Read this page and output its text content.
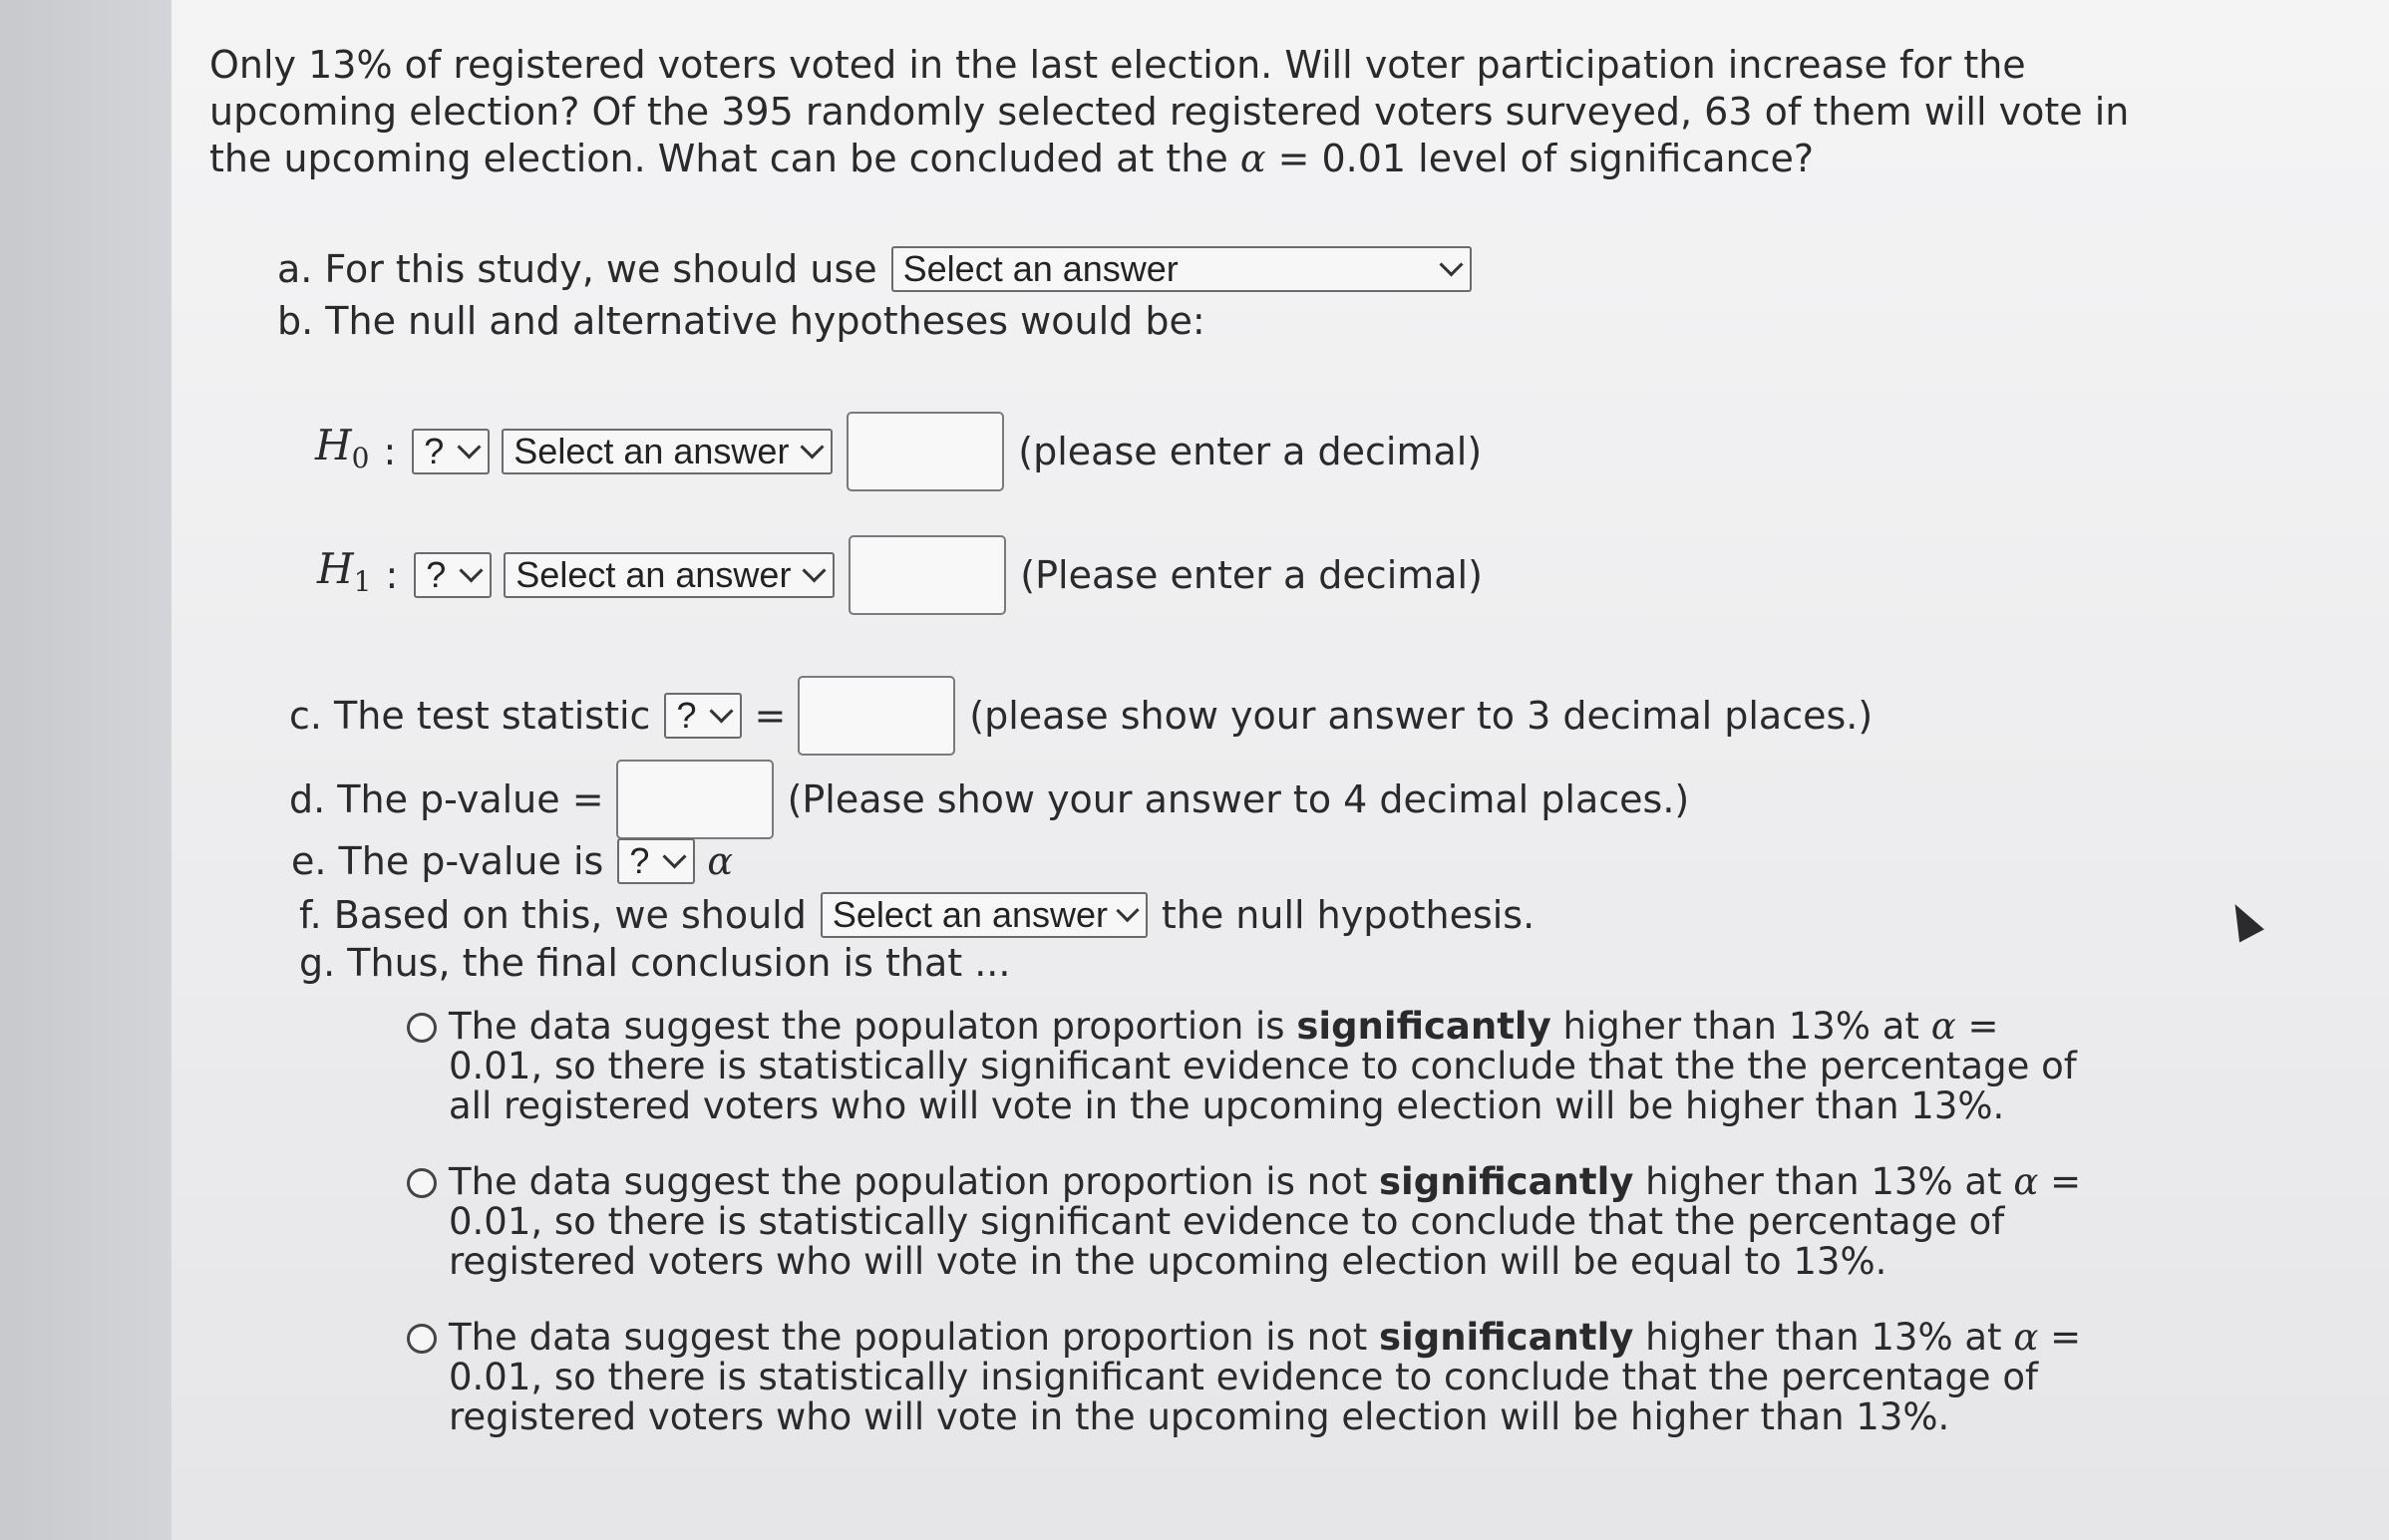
Only 13% of registered voters voted in the last election. Will voter participation increase for the upcoming election? Of the 395 randomly selected registered voters surveyed, 63 of them will vote in the upcoming election. What can be concluded at the α = 0.01 level of significance?
a. For this study, we should use Select an answer
b. The null and alternative hypotheses would be:
$H_0$ : ? Select an answer	(please enter a decimal)
$H_1$ : ? Select an answer	(Please enter a decimal)
c. The test statistic ? =	(please show your answer to 3 decimal places.)
d. The p-value =	(Please show your answer to 4 decimal places.)
e. The p-value is ? α
f. Based on this, we should Select an answer the null hypothesis.
g. Thus, the final conclusion is that ...
The data suggest the populaton proportion is significantly higher than 13% at α = 0.01, so there is statistically significant evidence to conclude that the the percentage of all registered voters who will vote in the upcoming election will be higher than 13%.
The data suggest the population proportion is not significantly higher than 13% at α = 0.01, so there is statistically significant evidence to conclude that the percentage of registered voters who will vote in the upcoming election will be equal to 13%.
The data suggest the population proportion is not significantly higher than 13% at α = 0.01, so there is statistically insignificant evidence to conclude that the percentage of registered voters who will vote in the upcoming election will be higher than 13%.
